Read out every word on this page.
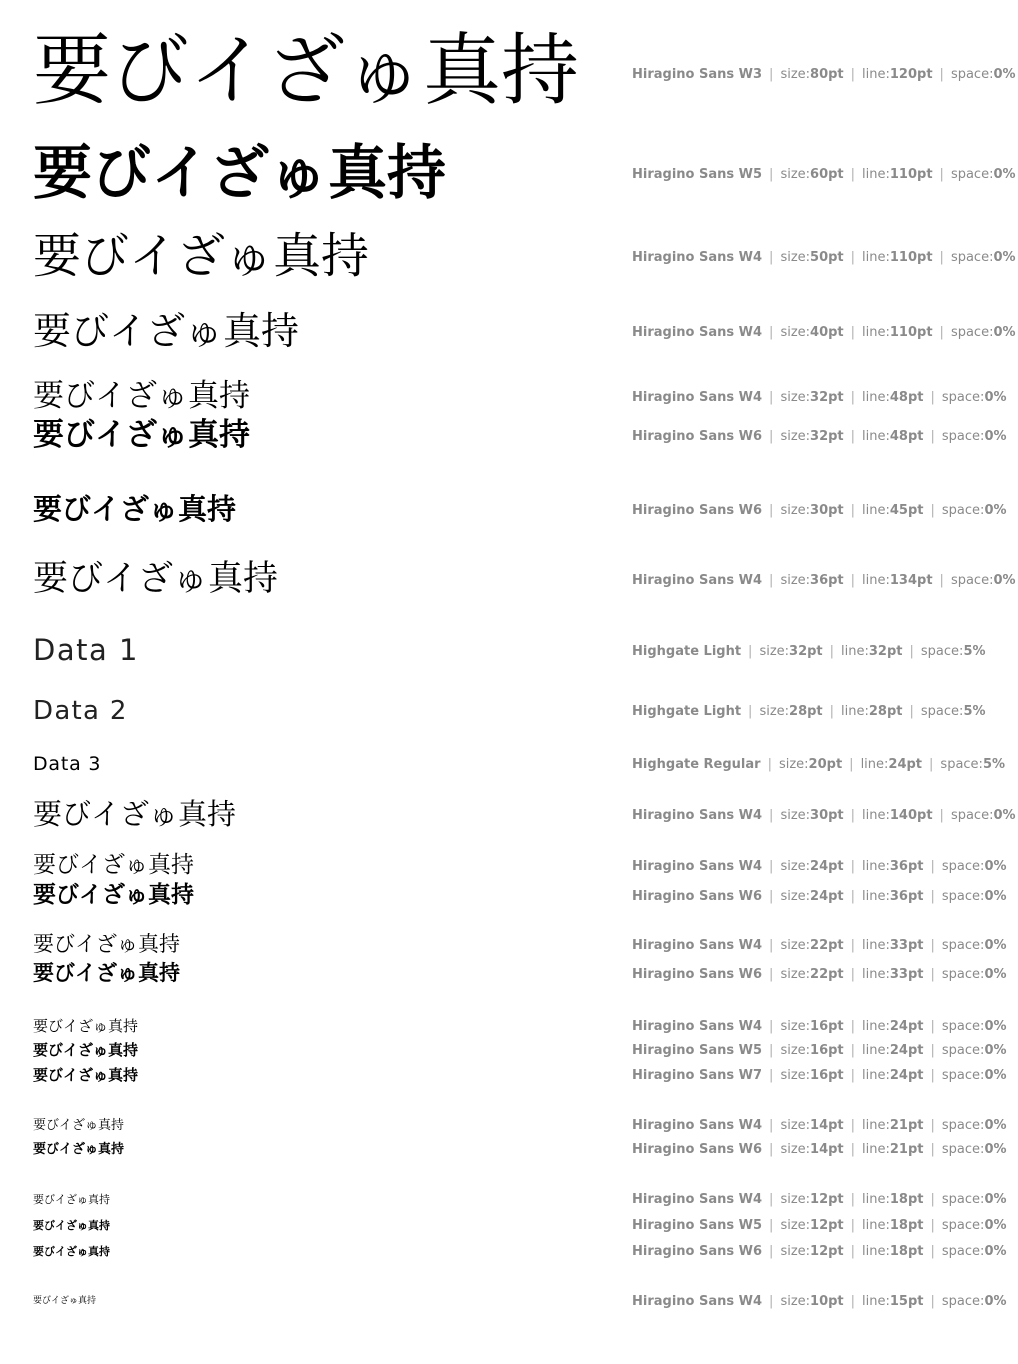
要びイざゅ真持	Hiragino Sans W3 | size:80pt | line:120pt | space:0%
要びイざゅ真持	Hiragino Sans W5 | size:60pt | line:110pt | space:0%
要びイざゅ真持	Hiragino Sans W4 | size:50pt | line:110pt | space:0%
要びイざゅ真持	Hiragino Sans W4 | size:40pt | line:110pt | space:0%
要びイざゅ真持	Hiragino Sans W4 | size:32pt | line:48pt | space:0%
要びイざゅ真持	Hiragino Sans W6 | size:32pt | line:48pt | space:0%
要びイざゅ真持	Hiragino Sans W6 | size:30pt | line:45pt | space:0%
要びイざゅ真持	Hiragino Sans W4 | size:36pt | line:134pt | space:0%
Data 1	Highgate Light | size:32pt | line:32pt | space:5%
Data 2	Highgate Light | size:28pt | line:28pt | space:5%
Data 3	Highgate Regular | size:20pt | line:24pt | space:5%
要びイざゅ真持	Hiragino Sans W4 | size:30pt | line:140pt | space:0%
要びイざゅ真持	Hiragino Sans W4 | size:24pt | line:36pt | space:0%
要びイざゅ真持	Hiragino Sans W6 | size:24pt | line:36pt | space:0%
要びイざゅ真持	Hiragino Sans W4 | size:22pt | line:33pt | space:0%
要びイざゅ真持	Hiragino Sans W6 | size:22pt | line:33pt | space:0%
要びイざゅ真持	Hiragino Sans W4 | size:16pt | line:24pt | space:0%
要びイざゅ真持	Hiragino Sans W5 | size:16pt | line:24pt | space:0%
要びイざゅ真持	Hiragino Sans W7 | size:16pt | line:24pt | space:0%
要びイざゅ真持	Hiragino Sans W4 | size:14pt | line:21pt | space:0%
要びイざゅ真持	Hiragino Sans W6 | size:14pt | line:21pt | space:0%
要びイざゅ真持	Hiragino Sans W4 | size:12pt | line:18pt | space:0%
要びイざゅ真持	Hiragino Sans W5 | size:12pt | line:18pt | space:0%
要びイざゅ真持	Hiragino Sans W6 | size:12pt | line:18pt | space:0%
要びイざゅ真持	Hiragino Sans W4 | size:10pt | line:15pt | space:0%
